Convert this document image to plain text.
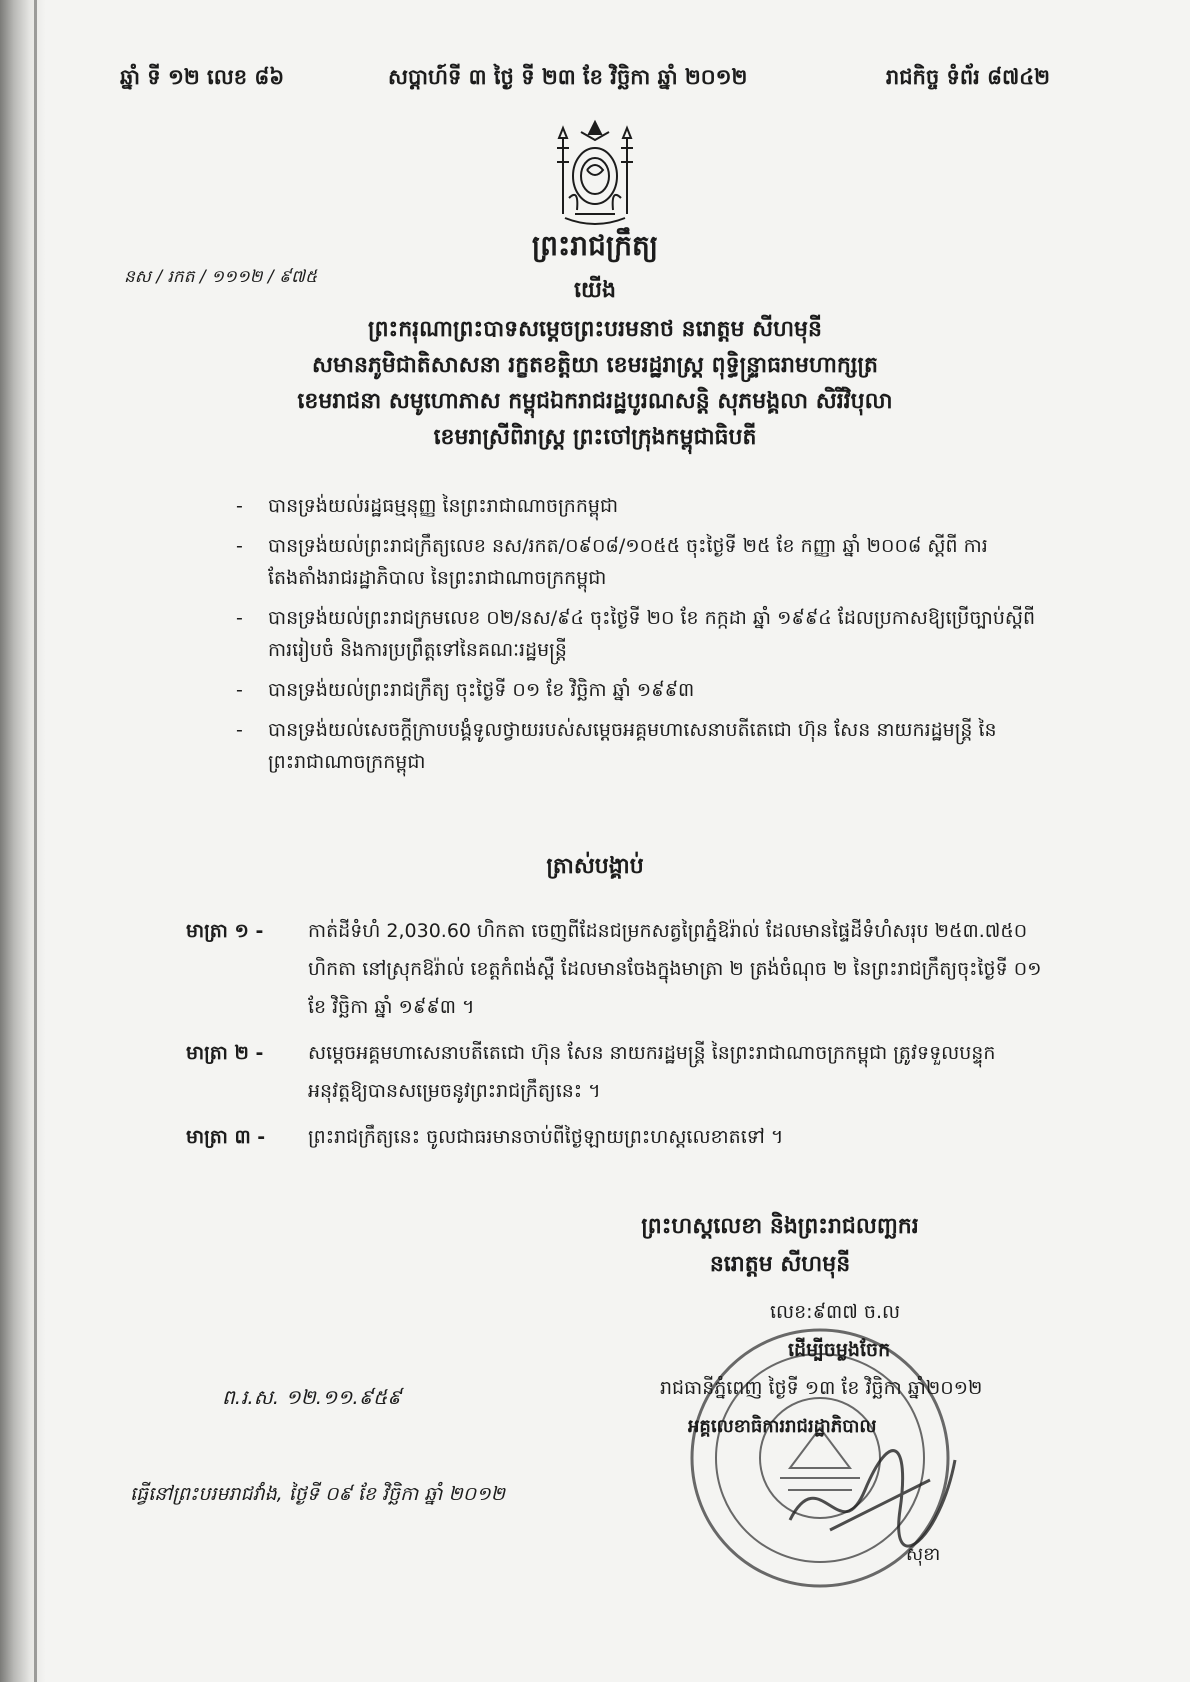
ឆ្នាំ ទី ១២ លេខ ៨៦	សប្តាហ៍ទី ៣ ថ្ងៃ ទី ២៣ ខែ វិច្ឆិកា ឆ្នាំ ២០១២	រាជកិច្ច ទំព័រ ៨៧៤២
ព្រះរាជក្រឹត្យ
នស / រកត / ១១១២ / ៩៧៥
យើង
ព្រះករុណាព្រះបាទសម្តេចព្រះបរមនាថ នរោត្តម សីហមុនី
សមានភូមិជាតិសាសនា រក្ខតខត្តិយា ខេមរដ្ឋរាស្ត្រ ពុទ្ធិន្ទ្រាធរាមហាក្សត្រ
ខេមរាជនា សមូហោភាស កម្ពុជឯករាជរដ្ឋបូរណសន្តិ សុភមង្គលា សិរីវិបុលា
ខេមរាស្រីពិរាស្ត្រ ព្រះចៅក្រុងកម្ពុជាធិបតី
- បានទ្រង់យល់រដ្ឋធម្មនុញ្ញ នៃព្រះរាជាណាចក្រកម្ពុជា
- បានទ្រង់យល់ព្រះរាជក្រឹត្យលេខ នស/រកត/០៩០៨/១០៥៥ ចុះថ្ងៃទី ២៥ ខែ កញ្ញា ឆ្នាំ ២០០៨ ស្តីពី ការតែងតាំងរាជរដ្ឋាភិបាល នៃព្រះរាជាណាចក្រកម្ពុជា
- បានទ្រង់យល់ព្រះរាជក្រមលេខ ០២/នស/៩៤ ចុះថ្ងៃទី ២០ ខែ កក្កដា ឆ្នាំ ១៩៩៤ ដែលប្រកាសឱ្យប្រើច្បាប់ស្តីពីការរៀបចំ និងការប្រព្រឹត្តទៅនៃគណៈរដ្ឋមន្ត្រី
- បានទ្រង់យល់ព្រះរាជក្រឹត្យ ចុះថ្ងៃទី ០១ ខែ វិច្ឆិកា ឆ្នាំ ១៩៩៣
- បានទ្រង់យល់សេចក្តីក្រាបបង្គំទូលថ្វាយរបស់សម្តេចអគ្គមហាសេនាបតីតេជោ ហ៊ុន សែន នាយករដ្ឋមន្ត្រី នៃព្រះរាជាណាចក្រកម្ពុជា
ត្រាស់បង្គាប់
មាត្រា ១ - កាត់ដីទំហំ 2,030.60 ហិកតា ចេញពីដែនជម្រកសត្វព្រៃភ្នំឱរ៉ាល់ ដែលមានផ្ទៃដីទំហំសរុប ២៥៣.៧៥០ ហិកតា នៅស្រុកឱរ៉ាល់ ខេត្តកំពង់ស្ពឺ ដែលមានចែងក្នុងមាត្រា ២ ត្រង់ចំណុច ២ នៃព្រះរាជក្រឹត្យចុះថ្ងៃទី ០១ ខែ វិច្ឆិកា ឆ្នាំ ១៩៩៣ ។
មាត្រា ២ - សម្តេចអគ្គមហាសេនាបតីតេជោ ហ៊ុន សែន នាយករដ្ឋមន្ត្រី នៃព្រះរាជាណាចក្រកម្ពុជា ត្រូវទទួលបន្ទុកអនុវត្តឱ្យបានសម្រេចនូវព្រះរាជក្រឹត្យនេះ ។
មាត្រា ៣ - ព្រះរាជក្រឹត្យនេះ ចូលជាធរមានចាប់ពីថ្ងៃឡាយព្រះហស្តលេខាតទៅ ។
ព្រះហស្តលេខា និងព្រះរាជលញ្ឆករ
នរោត្តម សីហមុនី
លេខ:៩៣៧ ច.ល
ដើម្បីចម្លងចែក
រាជធានីភ្នំពេញ ថ្ងៃទី ១៣ ខែ វិច្ឆិកា ឆ្នាំ២០១២
អគ្គលេខាធិការរាជរដ្ឋាភិបាល
សុខា
ព.រ.ស. ១២.១១.៩៥៩
ធ្វើនៅព្រះបរមរាជវាំង, ថ្ងៃទី ០៩ ខែ វិច្ឆិកា ឆ្នាំ ២០១២
